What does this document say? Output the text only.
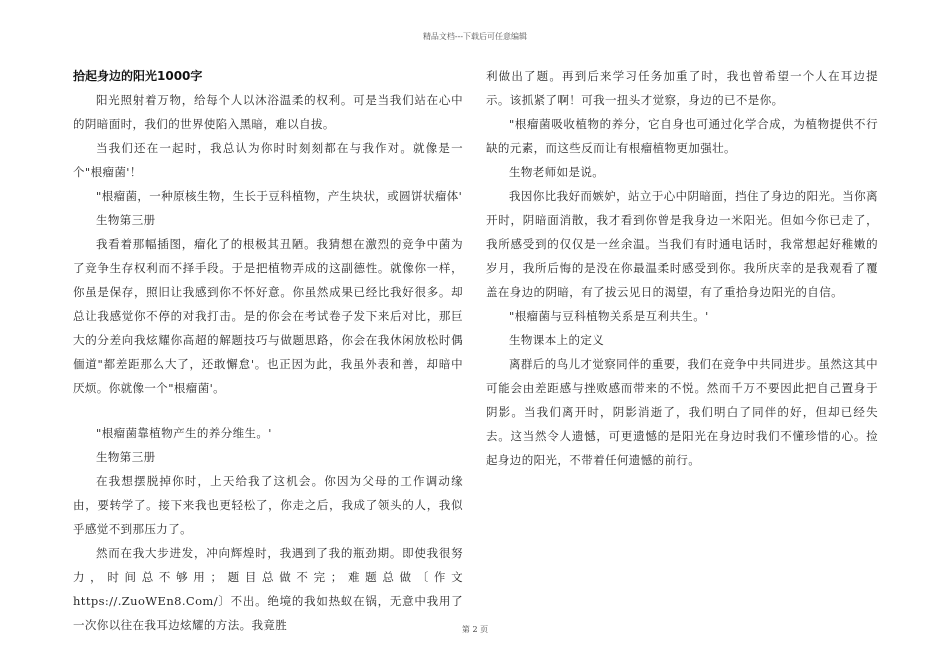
精品文档---下载后可任意编辑
拾起身边的阳光1000字

阳光照射着万物，给每个人以沐浴温柔的权利。可是当我们站在心中的阴暗面时，我们的世界使陷入黑暗，难以自拔。

当我们还在一起时，我总认为你时时刻刻都在与我作对。就像是一个"根瘤菌'！

"根瘤菌，一种原核生物，生长于豆科植物，产生块状，或圆饼状瘤体'

生物第三册

我看着那幅插图，瘤化了的根极其丑陋。我猜想在激烈的竞争中菌为了竞争生存权利而不择手段。于是把植物弄成的这副德性。就像你一样，你虽是保存，照旧让我感到你不怀好意。你虽然成果已经比我好很多。却总让我感觉你不停的对我打击。是的你会在考试卷子发下来后对比，那巨大的分差向我炫耀你高超的解题技巧与做题思路，你会在我休闲放松时偶偭道"都差距那么大了，还敢懈怠'。也正因为此，我虽外表和善，却暗中厌烦。你就像一个"根瘤菌'。

"根瘤菌靠植物产生的养分维生。'

生物第三册

在我想摆脱掉你时，上天给我了这机会。你因为父母的工作调动缘由，要转学了。接下来我也更轻松了，你走之后，我成了领头的人，我似乎感觉不到那压力了。

然而在我大步进发，冲向辉煌时，我遇到了我的瓶劲期。即使我很努力，时间总不够用；题目总做不完；难题总做〔作文https://.ZuoWEn8.Com/〕不出。绝境的我如热蚁在锅，无意中我用了一次你以往在我耳边炫耀的方法。我竟胜

利做出了题。再到后来学习任务加重了时，我也曾希望一个人在耳边提示。该抓紧了啊！可我一扭头才觉察，身边的已不是你。

"根瘤菌吸收植物的养分，它自身也可通过化学合成，为植物提供不行缺的元素，而这些反而让有根瘤植物更加强壮。

生物老师如是说。

我因你比我好而嫉妒，站立于心中阴暗面，挡住了身边的阳光。当你离开时，阴暗面消散，我才看到你曾是我身边一米阳光。但如今你已走了，我所感受到的仅仅是一丝余温。当我们有时通电话时，我常想起好稚嫩的岁月，我所后悔的是没在你最温柔时感受到你。我所庆幸的是我观看了覆盖在身边的阴暗，有了拔云见日的渴望，有了重拾身边阳光的自信。

"根瘤菌与豆科植物关系是互利共生。'

生物课本上的定义

离群后的鸟儿才觉察同伴的重要，我们在竞争中共同进步。虽然这其中可能会由差距感与挫败感而带来的不悦。然而千万不要因此把自己置身于阴影。当我们离开时，阴影消逝了，我们明白了同伴的好，但却已经失去。这当然令人遗憾，可更遗憾的是阳光在身边时我们不懂珍惜的心。捡起身边的阳光，不带着任何遗憾的前行。

第 2 页
